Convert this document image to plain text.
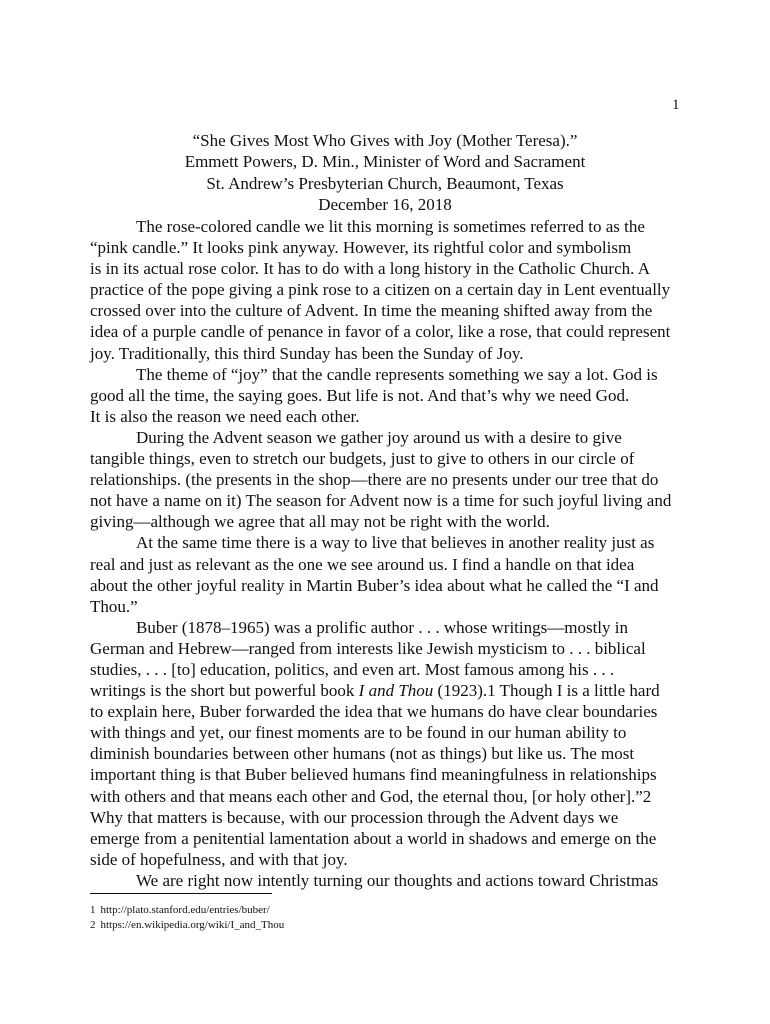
1
“She Gives Most Who Gives with Joy (Mother Teresa).”
Emmett Powers, D. Min., Minister of Word and Sacrament
St. Andrew’s Presbyterian Church, Beaumont, Texas
December 16, 2018
The rose-colored candle we lit this morning is sometimes referred to as the
“pink candle.” It looks pink anyway. However, its rightful color and symbolism
is in its actual rose color. It has to do with a long history in the Catholic Church. A
practice of the pope giving a pink rose to a citizen on a certain day in Lent eventually
crossed over into the culture of Advent. In time the meaning shifted away from the
idea of a purple candle of penance in favor of a color, like a rose, that could represent
joy. Traditionally, this third Sunday has been the Sunday of Joy.
The theme of “joy” that the candle represents something we say a lot. God is
good all the time, the saying goes. But life is not. And that’s why we need God.
It is also the reason we need each other.
During the Advent season we gather joy around us with a desire to give
tangible things, even to stretch our budgets, just to give to others in our circle of
relationships. (the presents in the shop—there are no presents under our tree that do
not have a name on it) The season for Advent now is a time for such joyful living and
giving—although we agree that all may not be right with the world.
At the same time there is a way to live that believes in another reality just as
real and just as relevant as the one we see around us. I find a handle on that idea
about the other joyful reality in Martin Buber’s idea about what he called the “I and
Thou.”
Buber (1878–1965) was a prolific author . . . whose writings—mostly in
German and Hebrew—ranged from interests like Jewish mysticism to . . . biblical
studies, . . . [to] education, politics, and even art. Most famous among his . . .
writings is the short but powerful book I and Thou (1923).1 Though I is a little hard
to explain here, Buber forwarded the idea that we humans do have clear boundaries
with things and yet, our finest moments are to be found in our human ability to
diminish boundaries between other humans (not as things) but like us. The most
important thing is that Buber believed humans find meaningfulness in relationships
with others and that means each other and God, the eternal thou, [or holy other].”2
Why that matters is because, with our procession through the Advent days we
emerge from a penitential lamentation about a world in shadows and emerge on the
side of hopefulness, and with that joy.
We are right now intently turning our thoughts and actions toward Christmas
1 http://plato.stanford.edu/entries/buber/
2 https://en.wikipedia.org/wiki/I_and_Thou
